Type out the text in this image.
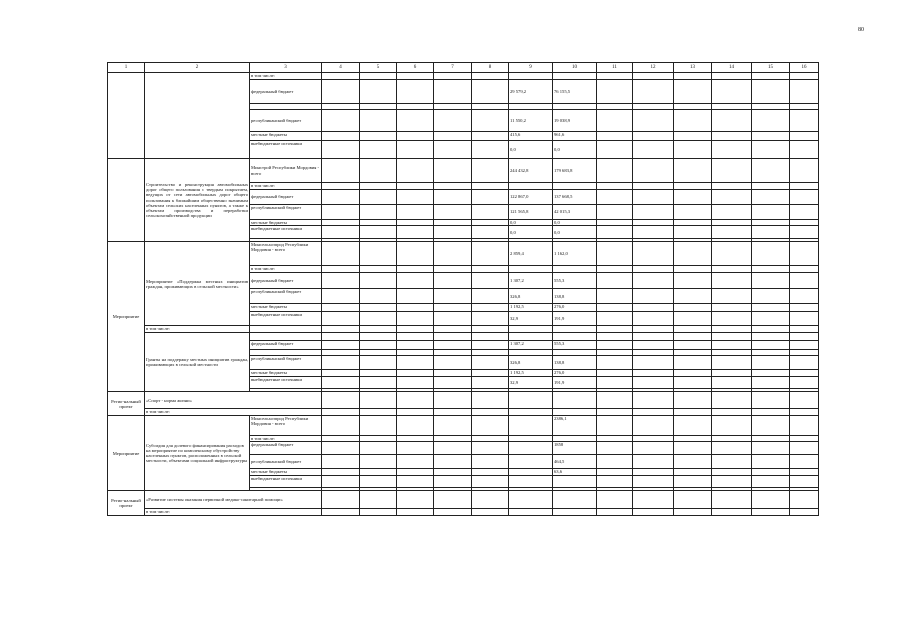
80
1	2	3	4	5	6	7	8	9	10	11	12	13	14	15	16	
		в том числе:														
		федеральный бюджет						29 579,2	76 155,5							

		республиканский бюджет						11 550,2	19 038,9							
		местные бюджеты						415,6	961,6							
		внебюджетные источники						0,0	0,0							
	Строительство и реконструкция автомобильных дорог общего пользования с твердым покрытием, ведущих от сети автомобильных дорог общего пользования к ближайшим общественно значимым объектам сельских населенных пунктов, а также к объектам производства и переработки сельскохозяйственной продукции	Минстрой Республики Мордовия - всего						244 432,8	179 683,8							
		в том числе:														
		федеральный бюджет						122 867,0	137 668,5							
		республиканский бюджет						121 565,8	42 015,3							
		местные бюджеты						0,0	0,0							
		внебюджетные источники						0,0	0,0							

Мероприятие	Мероприятие «Поддержка местных инициатив граждан, проживающих в сельской местности»	Минсельхозпрод Республики Мордовия - всего						2 859,4	1 162,0							
		в том числе:														
		федеральный бюджет						1 307,2	555,3							
		республиканский бюджет						326,8	138,8							
		местные бюджеты						1 192,5	276,0							
		внебюджетные источники						32,9	191,9							
	в том числе:															
	Гранты на поддержку местных инициатив граждан, проживающих в сельской местности															
		федеральный бюджет						1 307,2	555,3							

		республиканский бюджет						326,8	138,8							
		местные бюджеты						1 192,5	276,0							
		внебюджетные источники						32,9	191,9							

Регио-нальный проект	«Спорт - норма жизни»															
	в том числе:															
Мероприятие	Субсидия для долевого финансирования расходов на мероприятие по комплексному обустройству населенных пунктов, расположенных в сельской местности, объектами социальной инфраструктуры	Минсельхозпрод Республики Мордовия - всего							2386,1							
		в том числе:														
		федеральный бюджет							1858							
		республиканский бюджет							464,5							
		местные бюджеты							63,6							
		внебюджетные источники														

Регио-нальный проект	«Развитие системы оказания первичной медико-санитарной помощи»															
	в том числе:															
